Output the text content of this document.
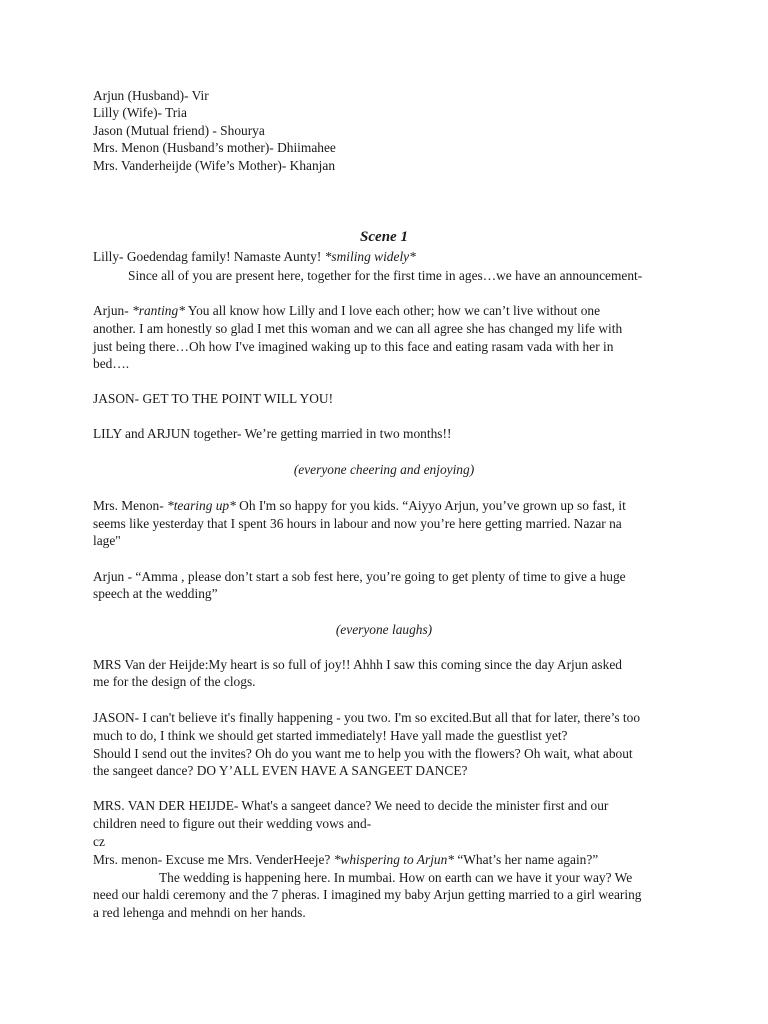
Arjun (Husband)- Vir
Lilly (Wife)- Tria
Jason (Mutual friend) - Shourya
Mrs. Menon (Husband’s mother)- Dhiimahee
Mrs. Vanderheijde (Wife’s Mother)- Khanjan
Scene 1
Lilly- Goedendag family! Namaste Aunty! *smiling widely*
Since all of you are present here, together for the first time in ages…we have an announcement-
Arjun- *ranting* You all know how Lilly and I love each other; how we can’t live without one
another. I am honestly so glad I met this woman and we can all agree she has changed my life with
just being there…Oh how I've imagined waking up to this face and eating rasam vada with her in
bed….
JASON- GET TO THE POINT WILL YOU!
LILY and ARJUN together- We’re getting married in two months!!
(everyone cheering and enjoying)
Mrs. Menon- *tearing up* Oh I'm so happy for you kids. “Aiyyo Arjun, you’ve grown up so fast, it
seems like yesterday that I spent 36 hours in labour and now you’re here getting married. Nazar na
lage"
Arjun - “Amma , please don’t start a sob fest here, you’re going to get plenty of time to give a huge
speech at the wedding”
(everyone laughs)
MRS Van der Heijde:My heart is so full of joy!! Ahhh I saw this coming since the day Arjun asked
me for the design of the clogs.
JASON- I can't believe it's finally happening - you two. I'm so excited.But all that for later, there’s too
much to do, I think we should get started immediately! Have yall made the guestlist yet?
Should I send out the invites? Oh do you want me to help you with the flowers? Oh wait, what about
the sangeet dance? DO Y’ALL EVEN HAVE A SANGEET DANCE?
MRS. VAN DER HEIJDE- What's a sangeet dance? We need to decide the minister first and our
children need to figure out their wedding vows and-
cz
Mrs. menon- Excuse me Mrs. VenderHeeje? *whispering to Arjun* “What’s her name again?”
The wedding is happening here. In mumbai. How on earth can we have it your way? We
need our haldi ceremony and the 7 pheras. I imagined my baby Arjun getting married to a girl wearing
a red lehenga and mehndi on her hands.
